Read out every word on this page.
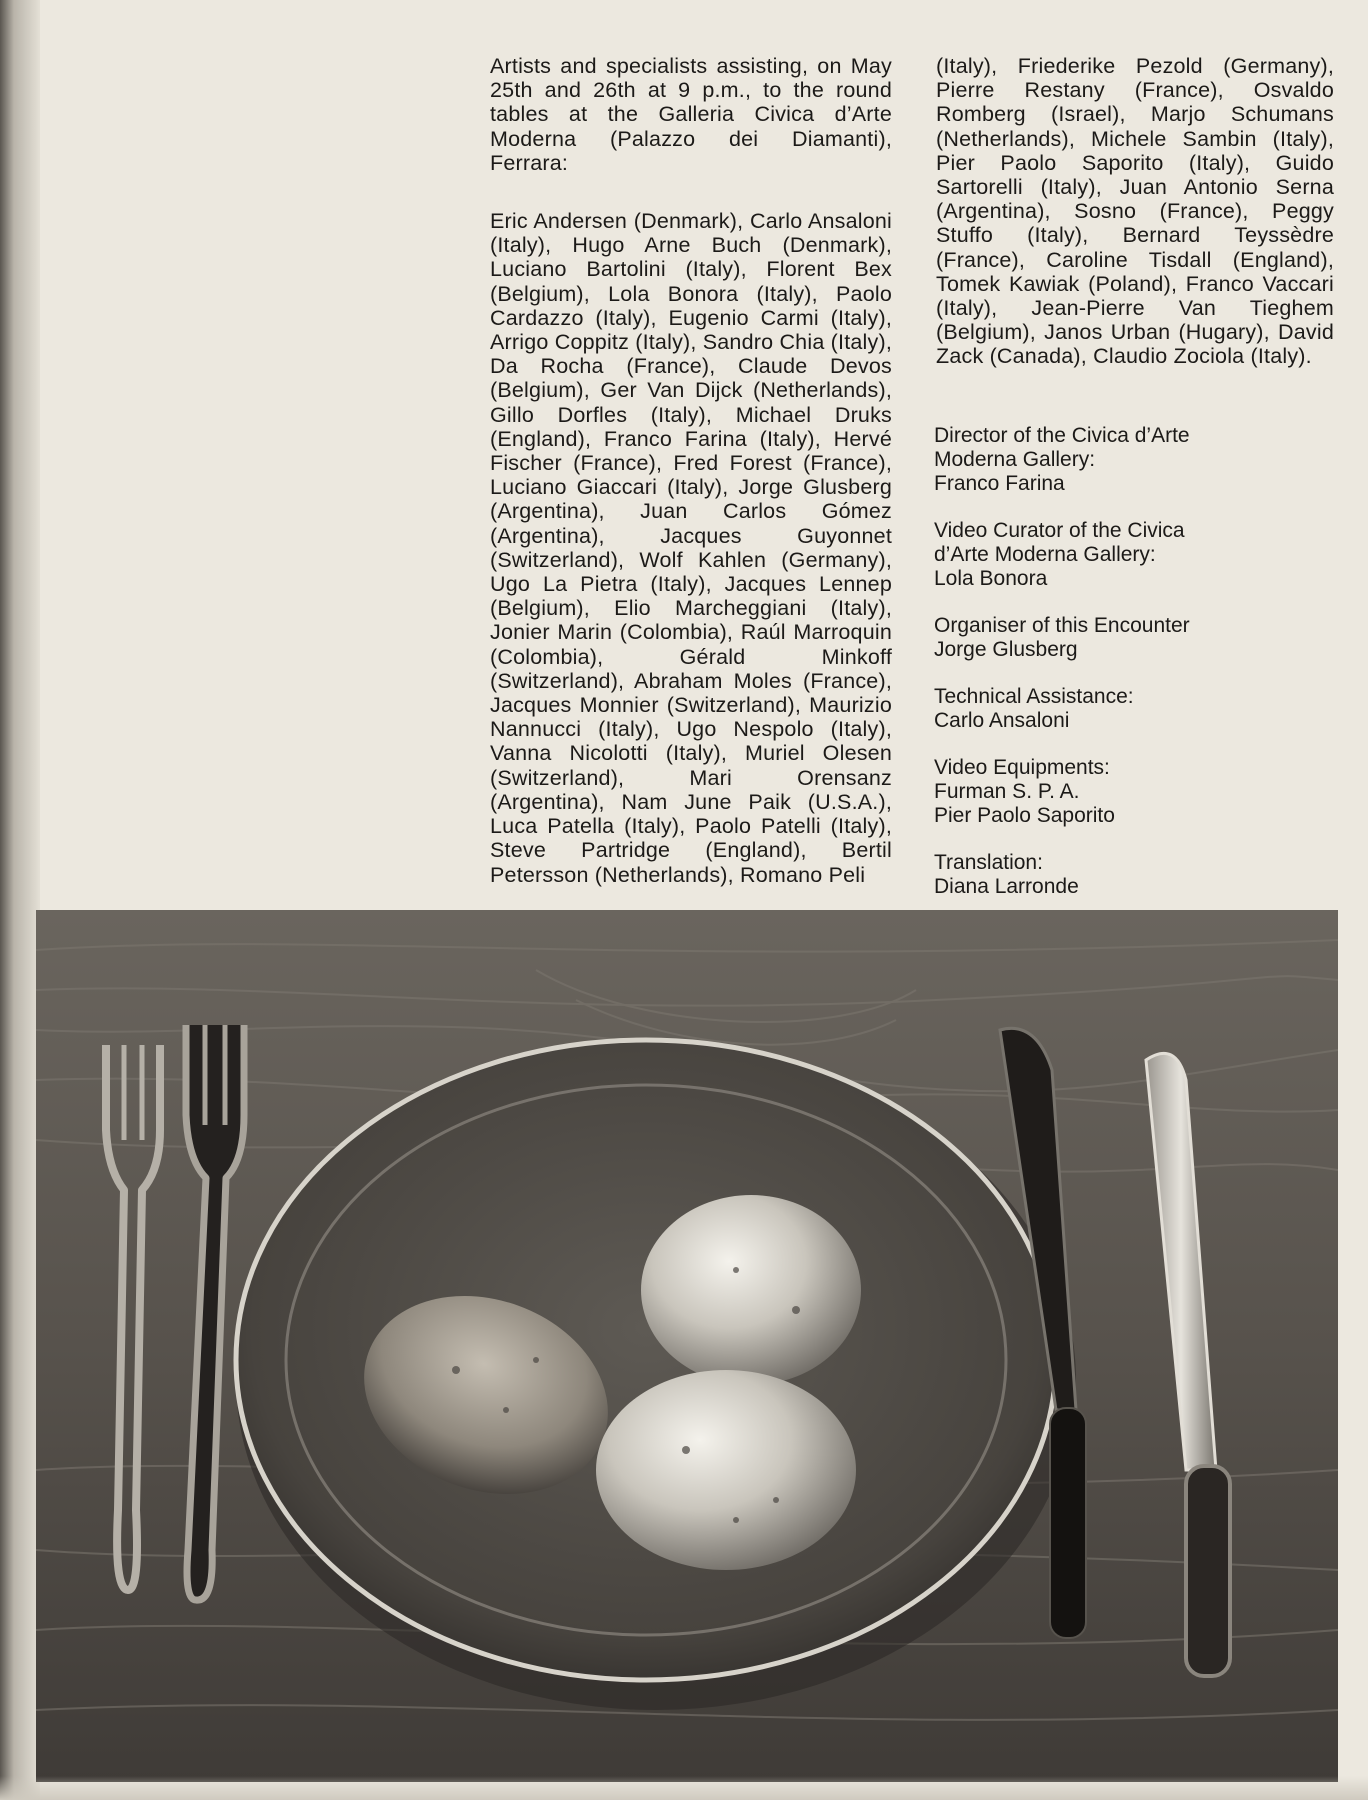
Artists and specialists assisting, on May 25th and 26th at 9 p.m., to the round tables at the Galleria Civica d’Arte Moderna (Palazzo dei Diamanti), Ferrara:

Eric Andersen (Denmark), Carlo Ansaloni (Italy), Hugo Arne Buch (Denmark), Luciano Bartolini (Italy), Florent Bex (Belgium), Lola Bonora (Italy), Paolo Cardazzo (Italy), Eugenio Carmi (Italy), Arrigo Coppitz (Italy), Sandro Chia (Italy), Da Rocha (France), Claude Devos (Belgium), Ger Van Dijck (Netherlands), Gillo Dorfles (Italy), Michael Druks (England), Franco Farina (Italy), Hervé Fischer (France), Fred Forest (France), Luciano Giaccari (Italy), Jorge Glusberg (Argentina), Juan Carlos Gómez (Argentina), Jacques Guyonnet (Switzerland), Wolf Kahlen (Germany), Ugo La Pietra (Italy), Jacques Lennep (Belgium), Elio Marcheggiani (Italy), Jonier Marin (Colombia), Raúl Marroquin (Colombia), Gérald Minkoff (Switzerland), Abraham Moles (France), Jacques Monnier (Switzerland), Maurizio Nannucci (Italy), Ugo Nespolo (Italy), Vanna Nicolotti (Italy), Muriel Olesen (Switzerland), Mari Orensanz (Argentina), Nam June Paik (U.S.A.), Luca Patella (Italy), Paolo Patelli (Italy), Steve Partridge (England), Bertil Petersson (Netherlands), Romano Peli

(Italy), Friederike Pezold (Germany), Pierre Restany (France), Osvaldo Romberg (Israel), Marjo Schumans (Netherlands), Michele Sambin (Italy), Pier Paolo Saporito (Italy), Guido Sartorelli (Italy), Juan Antonio Serna (Argentina), Sosno (France), Peggy Stuffo (Italy), Bernard Teyssèdre (France), Caroline Tisdall (England), Tomek Kawiak (Poland), Franco Vaccari (Italy), Jean-Pierre Van Tieghem (Belgium), Janos Urban (Hugary), David Zack (Canada), Claudio Zociola (Italy).

Director of the Civica d’Arte
Moderna Gallery:
Franco Farina
Video Curator of the Civica
d’Arte Moderna Gallery:
Lola Bonora
Organiser of this Encounter
Jorge Glusberg
Technical Assistance:
Carlo Ansaloni
Video Equipments:
Furman S. P. A.
Pier Paolo Saporito
Translation:
Diana Larronde
